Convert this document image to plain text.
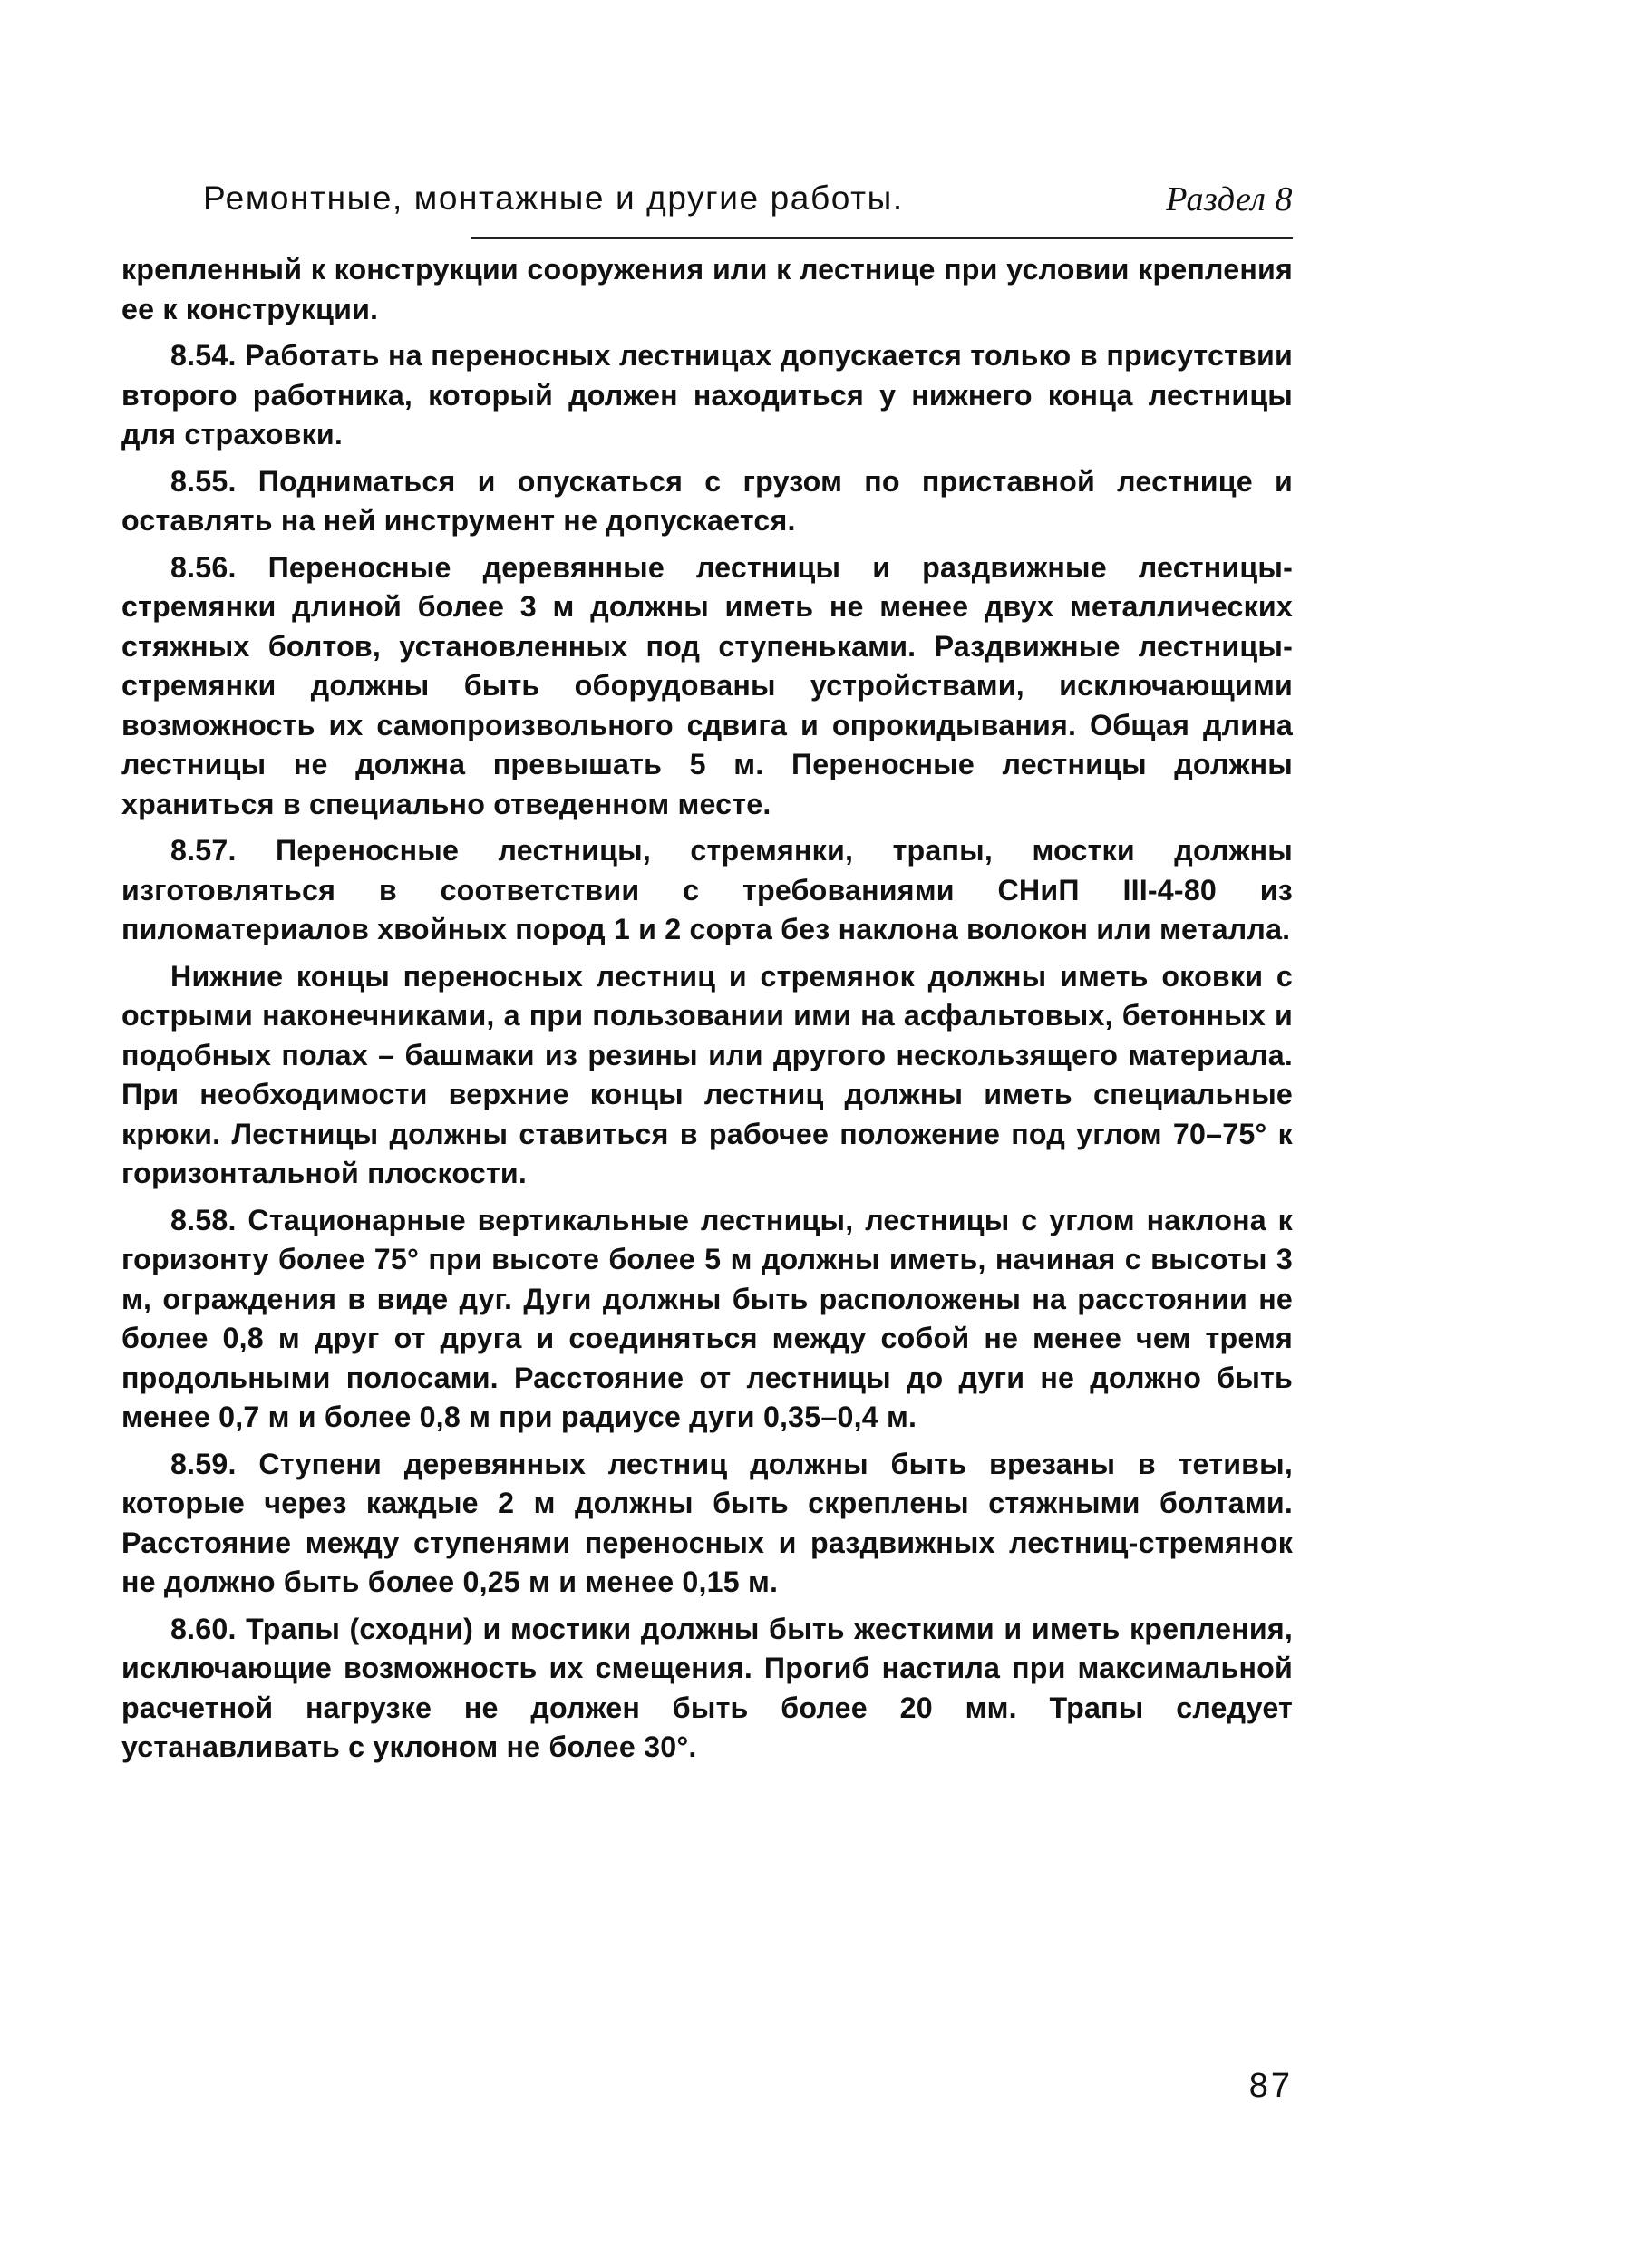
Ремонтные, монтажные и другие работы.	Раздел 8

крепленный к конструкции сооружения или к лестнице при условии крепления ее к конструкции.

8.54. Работать на переносных лестницах допускается только в присутствии второго работника, который должен находиться у нижнего конца лестницы для страховки.

8.55. Подниматься и опускаться с грузом по приставной лестнице и оставлять на ней инструмент не допускается.

8.56. Переносные деревянные лестницы и раздвижные лестницы-стремянки длиной более 3 м должны иметь не менее двух металлических стяжных болтов, установленных под ступеньками. Раздвижные лестницы-стремянки должны быть оборудованы устройствами, исключающими возможность их самопроизвольного сдвига и опрокидывания. Общая длина лестницы не должна превышать 5 м. Переносные лестницы должны храниться в специально отведенном месте.

8.57. Переносные лестницы, стремянки, трапы, мостки должны изготовляться в соответствии с требованиями СНиП III-4-80 из пиломатериалов хвойных пород 1 и 2 сорта без наклона волокон или металла.

Нижние концы переносных лестниц и стремянок должны иметь оковки с острыми наконечниками, а при пользовании ими на асфальтовых, бетонных и подобных полах – башмаки из резины или другого нескользящего материала. При необходимости верхние концы лестниц должны иметь специальные крюки. Лестницы должны ставиться в рабочее положение под углом 70–75° к горизонтальной плоскости.

8.58. Стационарные вертикальные лестницы, лестницы с углом наклона к горизонту более 75° при высоте более 5 м должны иметь, начиная с высоты 3 м, ограждения в виде дуг. Дуги должны быть расположены на расстоянии не более 0,8 м друг от друга и соединяться между собой не менее чем тремя продольными полосами. Расстояние от лестницы до дуги не должно быть менее 0,7 м и более 0,8 м при радиусе дуги 0,35–0,4 м.

8.59. Ступени деревянных лестниц должны быть врезаны в тетивы, которые через каждые 2 м должны быть скреплены стяжными болтами. Расстояние между ступенями переносных и раздвижных лестниц-стремянок не должно быть более 0,25 м и менее 0,15 м.

8.60. Трапы (сходни) и мостики должны быть жесткими и иметь крепления, исключающие возможность их смещения. Прогиб настила при максимальной расчетной нагрузке не должен быть более 20 мм. Трапы следует устанавливать с уклоном не более 30°.

87
